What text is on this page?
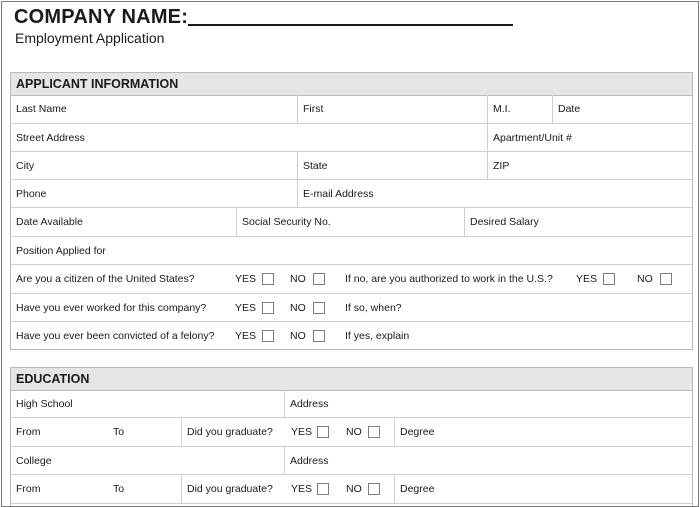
COMPANY NAME:
Employment Application
APPLICANT INFORMATION
Last Name	First	M.I.	Date
Street Address	Apartment/Unit #
City	State	ZIP
Phone	E-mail Address
Date Available	Social Security No.	Desired Salary
Position Applied for
Are you a citizen of the United States?	YES	NO	If no, are you authorized to work in the U.S.? YES	NO
Have you ever worked for this company?	YES	NO	If so, when?
Have you ever been convicted of a felony? YES	NO	If yes, explain
EDUCATION
High School	Address
From	To	Did you graduate? YES	NO	Degree
College	Address
From	To	Did you graduate? YES	NO	Degree
